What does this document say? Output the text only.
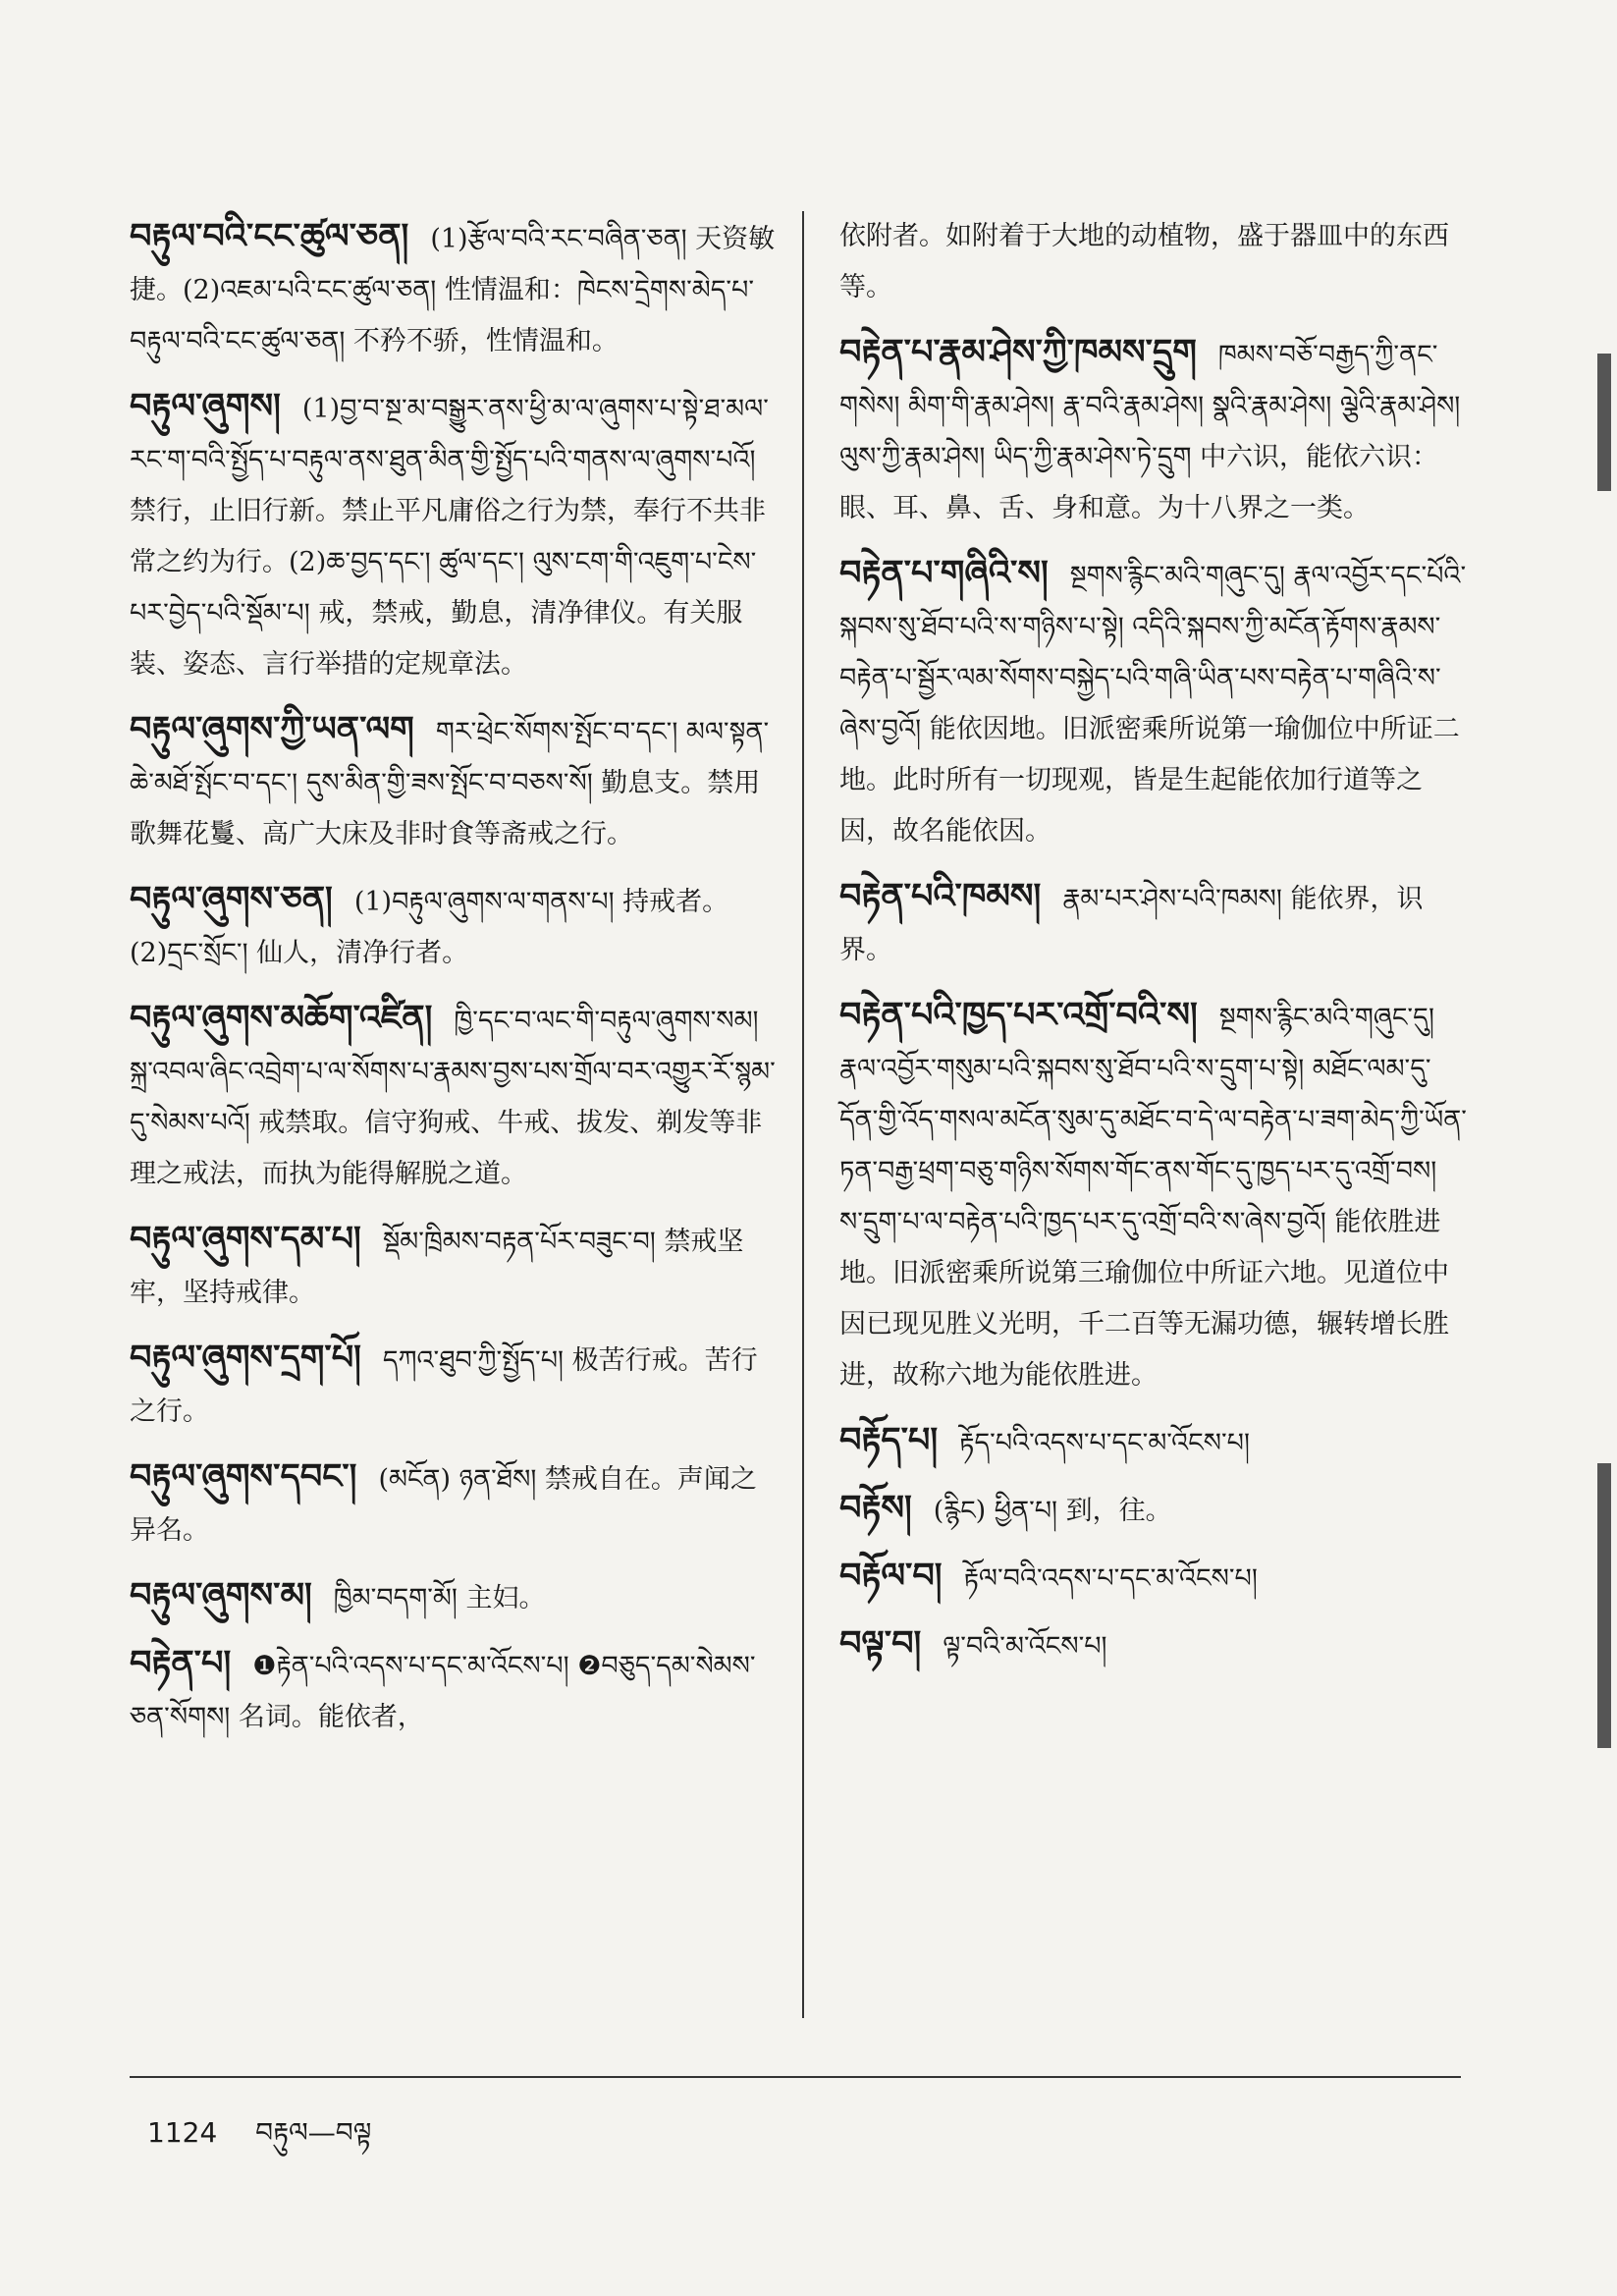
བརྟུལ་བའི་ངང་ཚུལ་ཅན། (1)རྩོལ་བའི་རང་བཞིན་ཅན། 天资敏捷。(2)འཇམ་པའི་ངང་ཚུལ་ཅན། 性情温和：ཁེངས་དྲེགས་མེད་པ་བརྟུལ་བའི་ངང་ཚུལ་ཅན། 不矜不骄，性情温和。
བརྟུལ་ཞུགས། (1)བྱ་བ་སྔ་མ་བསྒྱུར་ནས་ཕྱི་མ་ལ་ཞུགས་པ་སྟེ་ཐ་མལ་རང་ག་བའི་སྤྱོད་པ་བརྟུལ་ནས་ཐུན་མིན་གྱི་སྤྱོད་པའི་གནས་ལ་ཞུགས་པའོ། 禁行，止旧行新。禁止平凡庸俗之行为禁，奉行不共非常之约为行。(2)ཆ་བྱད་དང་། ཚུལ་དང་། ལུས་ངག་གི་འཇུག་པ་ངེས་པར་བྱེད་པའི་སྡོམ་པ། 戒，禁戒，勤息，清净律仪。有关服装、姿态、言行举措的定规章法。
བརྟུལ་ཞུགས་ཀྱི་ཡན་ལག གར་ཕྲེང་སོགས་སྤོང་བ་དང་། མལ་སྟན་ཆེ་མཐོ་སྤོང་བ་དང་། དུས་མིན་གྱི་ཟས་སྤོང་བ་བཅས་སོ། 勤息支。禁用歌舞花鬘、高广大床及非时食等斋戒之行。
བརྟུལ་ཞུགས་ཅན། (1)བརྟུལ་ཞུགས་ལ་གནས་པ། 持戒者。(2)དྲང་སྲོང་། 仙人，清净行者。
བརྟུལ་ཞུགས་མཆོག་འཛིན། ཁྱི་དང་བ་ལང་གི་བརྟུལ་ཞུགས་སམ། སྐྲ་འབལ་ཞིང་འབྲེག་པ་ལ་སོགས་པ་རྣམས་བྱས་པས་གྲོལ་བར་འགྱུར་རོ་སྙམ་དུ་སེམས་པའོ། 戒禁取。信守狗戒、牛戒、拔发、剃发等非理之戒法，而执为能得解脱之道。
བརྟུལ་ཞུགས་དམ་པ། སྡོམ་ཁྲིམས་བརྟན་པོར་བཟུང་བ། 禁戒坚牢，坚持戒律。
བརྟུལ་ཞུགས་དྲག་པོ། དཀའ་ཐུབ་ཀྱི་སྤྱོད་པ། 极苦行戒。苦行之行。
བརྟུལ་ཞུགས་དབང་། (མངོན) ཉན་ཐོས། 禁戒自在。声闻之异名。
བརྟུལ་ཞུགས་མ། ཁྱིམ་བདག་མོ། 主妇。
བརྟེན་པ། ❶རྟེན་པའི་འདས་པ་དང་མ་འོངས་པ། ❷བཅུད་དམ་སེམས་ཅན་སོགས། 名词。能依者，
依附者。如附着于大地的动植物，盛于器皿中的东西等。
བརྟེན་པ་རྣམ་ཤེས་ཀྱི་ཁམས་དྲུག ཁམས་བཅོ་བརྒྱད་ཀྱི་ནང་གསེས། མིག་གི་རྣམ་ཤེས། རྣ་བའི་རྣམ་ཤེས། སྣའི་རྣམ་ཤེས། ལྕེའི་རྣམ་ཤེས། ལུས་ཀྱི་རྣམ་ཤེས། ཡིད་ཀྱི་རྣམ་ཤེས་ཏེ་དྲུག 中六识，能依六识：眼、耳、鼻、舌、身和意。为十八界之一类。
བརྟེན་པ་གཞིའི་ས། སྔགས་རྙིང་མའི་གཞུང་དུ། རྣལ་འབྱོར་དང་པོའི་སྐབས་སུ་ཐོབ་པའི་ས་གཉིས་པ་སྟེ། འདིའི་སྐབས་ཀྱི་མངོན་རྟོགས་རྣམས་བརྟེན་པ་སྦྱོར་ལམ་སོགས་བསྐྱེད་པའི་གཞི་ཡིན་པས་བརྟེན་པ་གཞིའི་ས་ཞེས་བྱའོ། 能依因地。旧派密乘所说第一瑜伽位中所证二地。此时所有一切现观，皆是生起能依加行道等之因，故名能依因。
བརྟེན་པའི་ཁམས། རྣམ་པར་ཤེས་པའི་ཁམས། 能依界，识界。
བརྟེན་པའི་ཁྱད་པར་འགྲོ་བའི་ས། སྔགས་རྙིང་མའི་གཞུང་དུ། རྣལ་འབྱོར་གསུམ་པའི་སྐབས་སུ་ཐོབ་པའི་ས་དྲུག་པ་སྟེ། མཐོང་ལམ་དུ་དོན་གྱི་འོད་གསལ་མངོན་སུམ་དུ་མཐོང་བ་དེ་ལ་བརྟེན་པ་ཟག་མེད་ཀྱི་ཡོན་ཏན་བརྒྱ་ཕྲག་བཅུ་གཉིས་སོགས་གོང་ནས་གོང་དུ་ཁྱད་པར་དུ་འགྲོ་བས། ས་དྲུག་པ་ལ་བརྟེན་པའི་ཁྱད་པར་དུ་འགྲོ་བའི་ས་ཞེས་བྱའོ། 能依胜进地。旧派密乘所说第三瑜伽位中所证六地。见道位中因已现见胜义光明，千二百等无漏功德，辗转增长胜进，故称六地为能依胜进。
བརྟོད་པ། རྟོད་པའི་འདས་པ་དང་མ་འོངས་པ།
བརྟོས། (རྙིང) ཕྱིན་པ། 到，往。
བརྟོལ་བ། རྟོལ་བའི་འདས་པ་དང་མ་འོངས་པ།
བལྟ་བ། ལྟ་བའི་མ་འོངས་པ།
1124 བརྟུལ—བལྟ
